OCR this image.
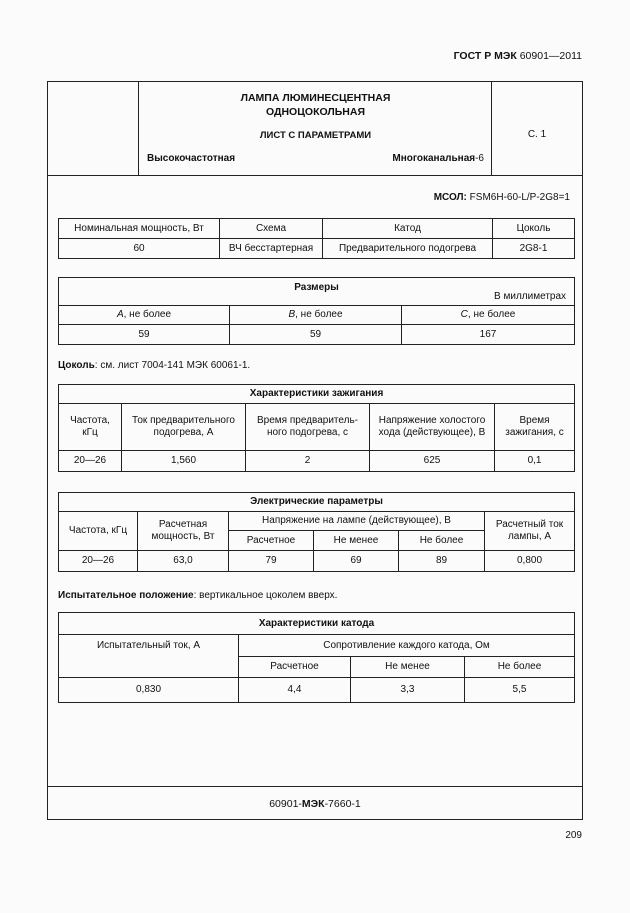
ГОСТ Р МЭК 60901—2011
ЛАМПА ЛЮМИНЕСЦЕНТНАЯ
ОДНОЦОКОЛЬНАЯ
ЛИСТ С ПАРАМЕТРАМИ
Высокочастотная	Многоканальная-6
С. 1
МСОЛ: FSM6H-60-L/P-2G8=1
Номинальная мощность, Вт	Схема	Катод	Цоколь
60	ВЧ бесстартерная	Предварительного подогрева	2G8-1
Размеры
В миллиметрах		

А, не более	В, не более	С, не более
59	59	167
Цоколь: см. лист 7004-141 МЭК 60061-1.
Характеристики зажигания				
Частота, кГц	Ток предварительного подогрева, А	Время предваритель-ного подогрева, с	Напряжение холостого хода (действующее), В	Время зажигания, с
20—26	1,560	2	625	0,1
Электрические параметры					
Частота, кГц	Расчетная мощность, Вт	Напряжение на лампе (действующее), В			Расчетный ток лампы, А
		Расчетное	Не менее	Не более	
20—26	63,0	79	69	89	0,800
Испытательное положение: вертикальное цоколем вверх.
Характеристики катода			
Испытательный ток, А	Сопротивление каждого катода, Ом		
	Расчетное	Не менее	Не более
0,830	4,4	3,3	5,5
60901-МЭК-7660-1
209
